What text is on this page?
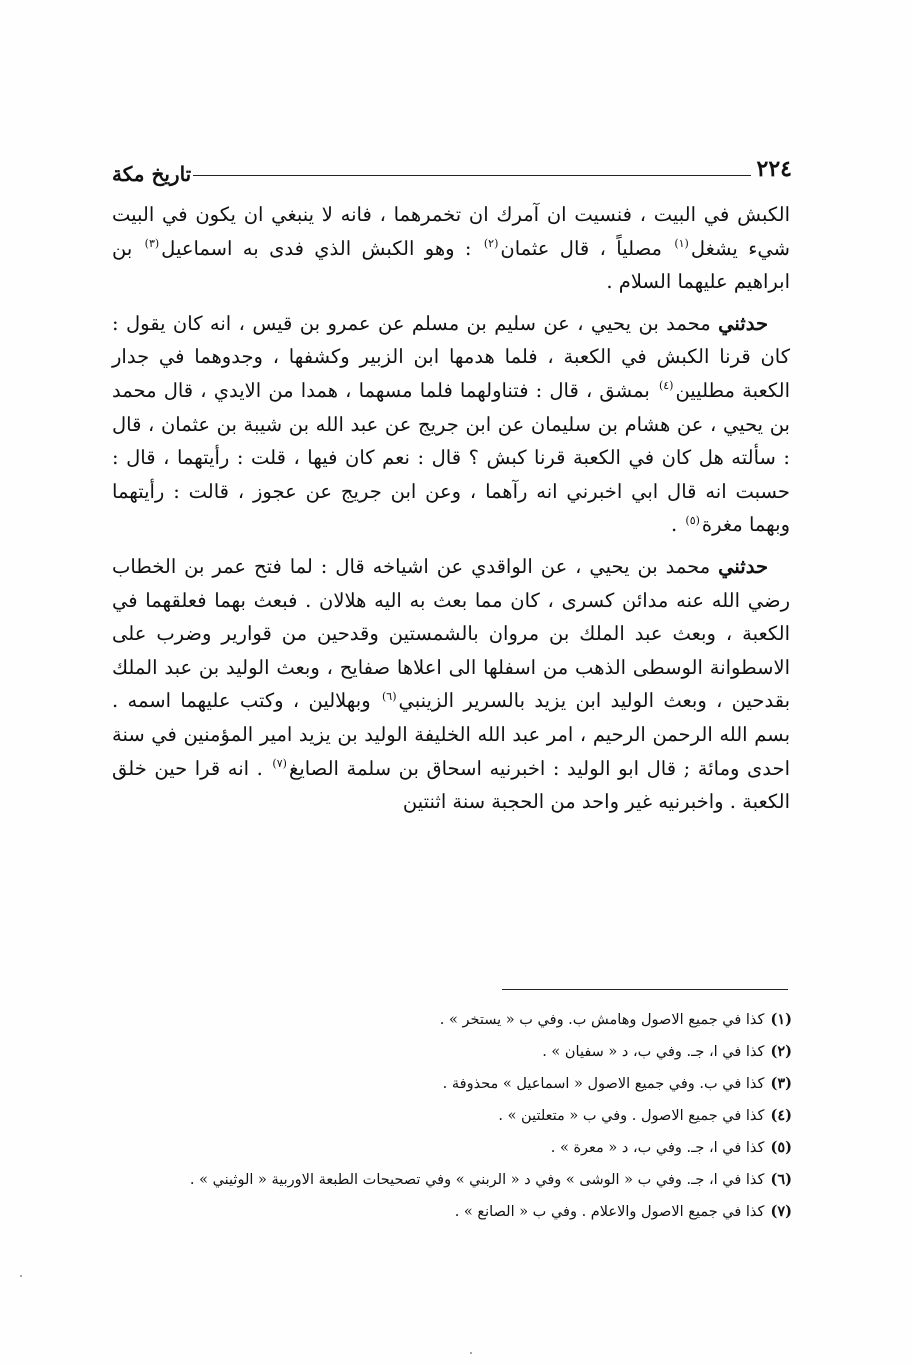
٢٢٤
تاريخ مكة

الكبش في البيت ، فنسيت ان آمرك ان تخمرهما ، فانه لا ينبغي ان يكون في البيت شيء يشغل$^{(١)}$ مصلياً ، قال عثمان$^{(٢)}$ : وهو الكبش الذي فدى به اسماعيل$^{(٣)}$ بن ابراهيم عليهما السلام .

حدثني محمد بن يحيي ، عن سليم بن مسلم عن عمرو بن قيس ، انه كان يقول : كان قرنا الكبش في الكعبة ، فلما هدمها ابن الزبير وكشفها ، وجدوهما في جدار الكعبة مطليين$^{(٤)}$ بمشق ، قال : فتناولهما فلما مسهما ، همدا من الايدي ، قال محمد بن يحيي ، عن هشام بن سليمان عن ابن جريج عن عبد الله بن شيبة بن عثمان ، قال : سألته هل كان في الكعبة قرنا كبش ؟ قال : نعم كان فيها ، قلت : رأيتهما ، قال : حسبت انه قال ابي اخبرني انه رآهما ، وعن ابن جريج عن عجوز ، قالت : رأيتهما وبهما مغرة$^{(٥)}$ .

حدثني محمد بن يحيي ، عن الواقدي عن اشياخه قال : لما فتح عمر بن الخطاب رضي الله عنه مدائن كسرى ، كان مما بعث به اليه هلالان . فبعث بهما فعلقهما في الكعبة ، وبعث عبد الملك بن مروان بالشمستين وقدحين من قوارير وضرب على الاسطوانة الوسطى الذهب من اسفلها الى اعلاها صفايح ، وبعث الوليد بن عبد الملك بقدحين ، وبعث الوليد ابن يزيد بالسرير الزينبي$^{(٦)}$ وبهلالين ، وكتب عليهما اسمه . بسم الله الرحمن الرحيم ، امر عبد الله الخليفة الوليد بن يزيد امير المؤمنين في سنة احدى ومائة ; قال ابو الوليد : اخبرنيه اسحاق بن سلمة الصايغ$^{(٧)}$ . انه قرا حين خلق الكعبة . واخبرنيه غير واحد من الحجبة سنة اثنتين

(١)كذا في جميع الاصول وهامش ب. وفي ب « يستخر » .
(٢)كذا في ا، جـ. وفي ب، د « سفيان » .
(٣)كذا في ب. وفي جميع الاصول « اسماعيل » محذوفة .
(٤)كذا في جميع الاصول . وفي ب « متعلتين » .
(٥)كذا في ا، جـ. وفي ب، د « معرة » .
(٦)كذا في ا، جـ. وفي ب « الوشى » وفي د « الربني » وفي تصحيحات الطبعة الاوربية « الوثيني » .
(٧)كذا في جميع الاصول والاعلام . وفي ب « الصانع » .
